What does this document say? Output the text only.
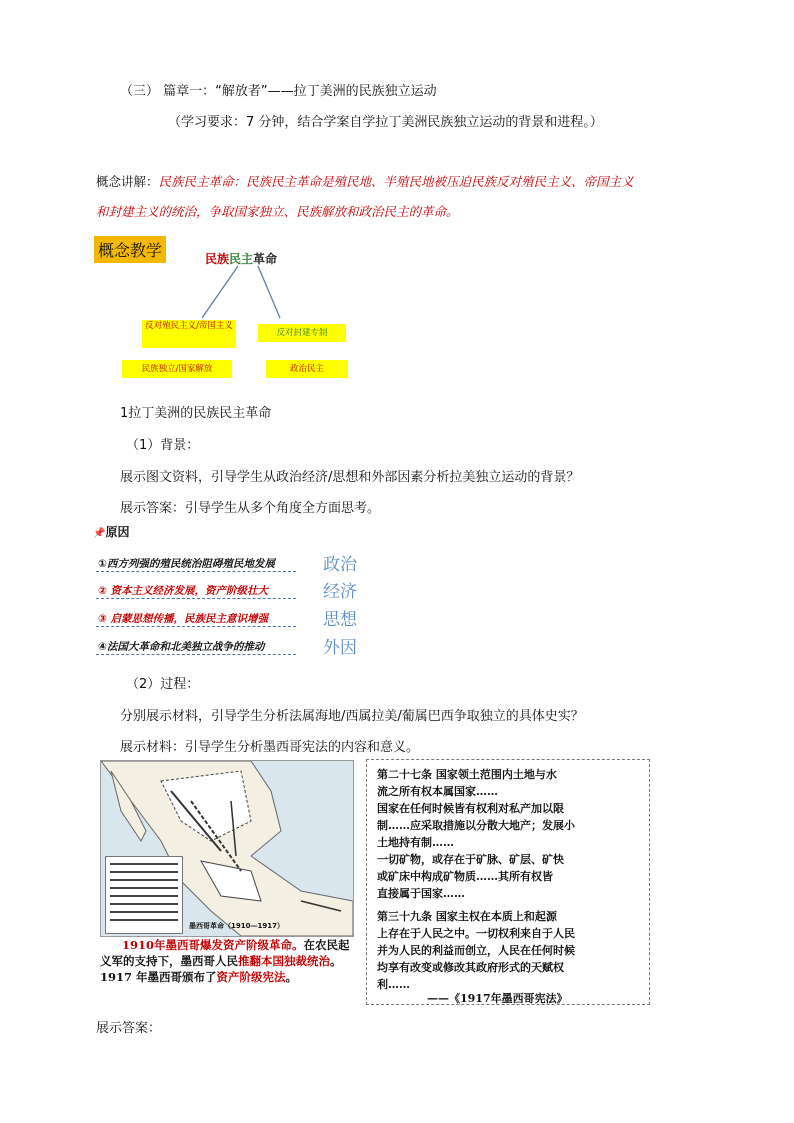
（三） 篇章一：“解放者”——拉丁美洲的民族独立运动
（学习要求：7 分钟，结合学案自学拉丁美洲民族独立运动的背景和进程。）
概念讲解：民族民主革命：民族民主革命是殖民地、半殖民地被压迫民族反对殖民主义、帝国主义
和封建主义的统治，争取国家独立、民族解放和政治民主的革命。
概念教学	民族民主革命
反对殖民主义/帝国主义
反对封建专制
民族独立/国家解放	政治民主
1拉丁美洲的民族民主革命
（1）背景：
展示图文资料，引导学生从政治经济/思想和外部因素分析拉美独立运动的背景？
展示答案：引导学生从多个角度全方面思考。
📌原因
①西方列强的殖民统治阻碍殖民地发展	政治
② 资本主义经济发展，资产阶级壮大	经济
③ 启蒙思想传播，民族民主意识增强	思想
④法国大革命和北美独立战争的推动	外因
（2）过程：
分别展示材料，引导学生分析法属海地/西属拉美/葡属巴西争取独立的具体史实？
展示材料：引导学生分析墨西哥宪法的内容和意义。
墨西哥革命（1910—1917）
1910年墨西哥爆发资产阶级革命。在农民起义军的支持下，墨西哥人民推翻本国独裁统治。1917 年墨西哥颁布了资产阶级宪法。

第二十七条 国家领土范围内土地与水

流之所有权本属国家……

国家在任何时候皆有权利对私产加以限

制……应采取措施以分散大地产；发展小

土地持有制……

一切矿物，或存在于矿脉、矿层、矿快

或矿床中构成矿物质……其所有权皆

直接属于国家……

第三十九条 国家主权在本质上和起源

上存在于人民之中。一切权利来自于人民

并为人民的利益而创立，人民在任何时候

均享有改变或修改其政府形式的天赋权

利……

——《1917年墨西哥宪法》

展示答案：
